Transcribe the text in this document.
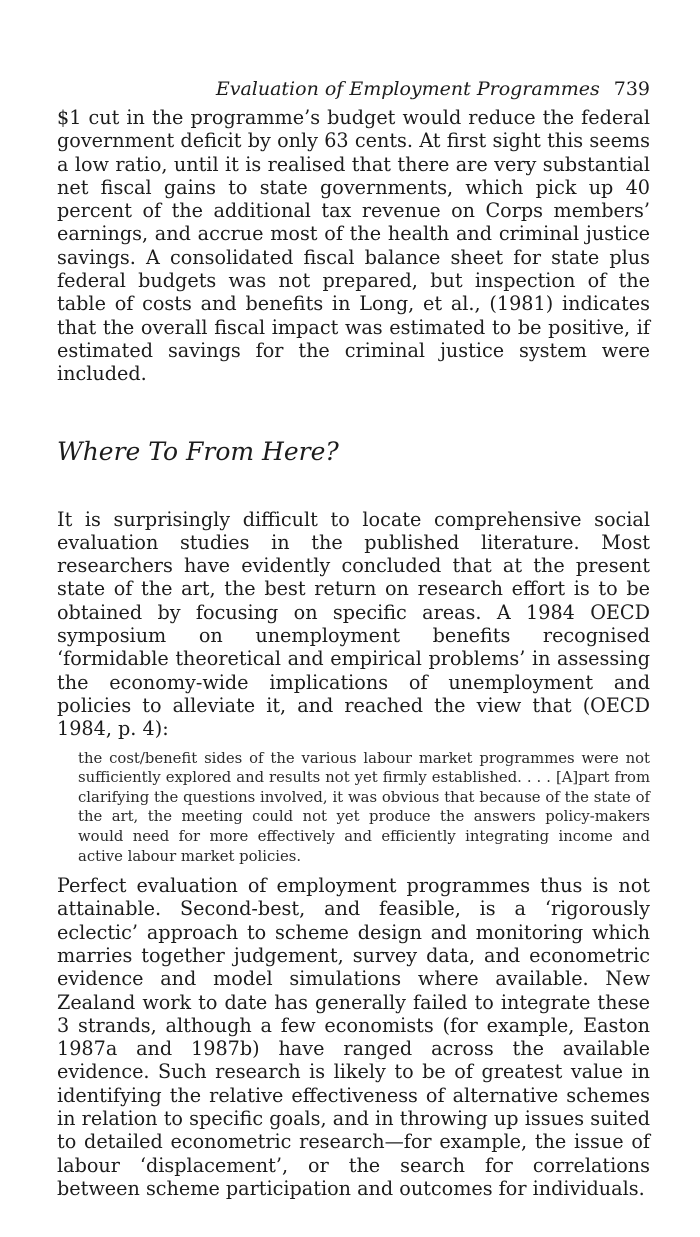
Evaluation of Employment Programmes 739

$1 cut in the programme’s budget would reduce the federal government deficit by only 63 cents. At first sight this seems a low ratio, until it is realised that there are very substantial net fiscal gains to state governments, which pick up 40 percent of the additional tax revenue on Corps members’ earnings, and accrue most of the health and criminal justice savings. A consolidated fiscal balance sheet for state plus federal budgets was not prepared, but inspection of the table of costs and benefits in Long, et al., (1981) indicates that the overall fiscal impact was estimated to be positive, if estimated savings for the criminal justice system were included.

Where To From Here?

It is surprisingly difficult to locate comprehensive social evaluation studies in the published literature. Most researchers have evidently concluded that at the present state of the art, the best return on research effort is to be obtained by focusing on specific areas. A 1984 OECD symposium on unemployment benefits recognised ‘formidable theoretical and empirical problems’ in assessing the economy-wide implications of unemployment and policies to alleviate it, and reached the view that (OECD 1984, p. 4):

the cost/benefit sides of the various labour market programmes were not sufficiently explored and results not yet firmly established. . . . [A]part from clarifying the questions involved, it was obvious that because of the state of the art, the meeting could not yet produce the answers policy-makers would need for more effectively and efficiently integrating income and active labour market policies.

Perfect evaluation of employment programmes thus is not attainable. Second-best, and feasible, is a ‘rigorously eclectic’ approach to scheme design and monitoring which marries together judgement, survey data, and econometric evidence and model simulations where available. New Zealand work to date has generally failed to integrate these 3 strands, although a few economists (for example, Easton 1987a and 1987b) have ranged across the available evidence. Such research is likely to be of greatest value in identifying the relative effectiveness of alternative schemes in relation to specific goals, and in throwing up issues suited to detailed econometric research—for example, the issue of labour ‘displacement’, or the search for correlations between scheme participation and outcomes for individuals.
